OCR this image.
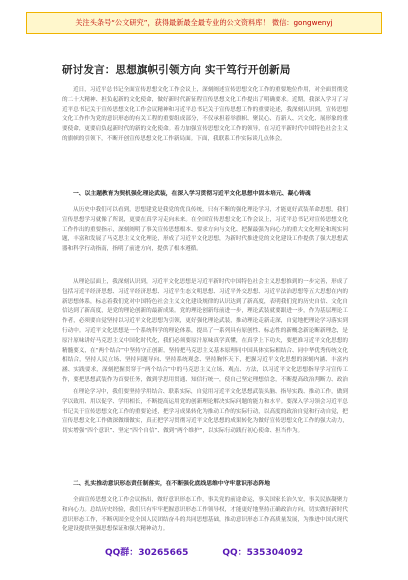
关注头条号“公文研究”，获得最新最全最专业的公文资料库！ 微信：gongwenyj
研讨发言：思想旗帜引领方向 实干笃行开创新局

近日，习近平总书记全面宣传思想文化工作会议上，深刻阐述宣传思想文化工作的重要地位作用，对全面贯彻党的二十大精神、担负起新的文化使命，做好新时代新征程宣传思想文化工作提出了明确要求。近期，我深入学习了习近平总书记关于宣传思想文化工作会议精神和习近平总书记关于宣传思想工作的重要论述，我深刻认识到，宣传思想文化工作作为党的意识形态的有关工程的重要组成部分，不仅承担着举旗帜、聚民心、育新人、兴文化、展形象的重要使命，更要肩负起新时代的新的文化使命。着力加强宣传思想文化工作的领导，在习近平新时代中国特色社会主义的旗帜的引领下，不断开创宣传思想文化工作新局面。下面，我联系工作实际谈几点体会。

一、以主题教育为契机强化理论武装，在深入学习贯彻习近平文化思想中固本培元、凝心铸魂

从历史中我们可以看到，思想建党是我党的优良传统，只有不断的强化理论学习，才能更好武装革命思想，我们宣传思想学习就像了所说，更要在真学习走向未来。在全国宣传思想文化工作会议上，习近平总书记对宣传思想文化工作作出的重要指示，深刻阐明了事关宣传思想根本、要求方向与文化、把握最强为向心力的重大文化理论和现实问题，丰富和发展了马克思主义文化理论，形成了习近平文化思想，为新时代推进党的文化建设工作提供了强大思想武器和科学行动指南，指明了前进方向，提供了根本遵循。

从理论层面上，我深刻认识到，习近平文化思想是习近平新时代中国特色社会主义思想推到的一步完善，形成了包括习近平经济思想、习近平经济思想、习近平生态文明思想、习近平外交思想、习近平法治思想等五大思想在内的新思想体系，标志着我们党对中国特色社会主义文化建设规律的认识达到了新高度，表明我们党的历史自信、文化自信达到了新高度，是党的理论创新的最新成果。党的理论创新每前进一步，理论武装就要跟进一步，作为基层理论工作者，必须要自觉坚持以习近平文化思想为引领，更好强化理论武装，推动理论走新走深，自觉地把理论学习落实到行动中。习近平文化思想是一个系统科学的理论体系，提出了一系列具有原创性、标志性的新概念新论断新理念，是原汁原味讲好马克思主义中国化时代化，我们必须要原汁原味真学真懂，在真学上下功夫，要把准习近平文化思想的精髓要义，在“两个结合”中坚持守正创新，坚持把马克思主义基本原理同中国具体实际相结合、同中华优秀传统文化相结合，坚持人民立场、坚持问题导向、坚持系统观念、坚持胸怀天下，把握习近平文化思想的深刻内涵、丰富内涵、实践要求，深刻把握贯穿于“两个结合”中的马克思主义立场、观点、方法，以习近平文化思想指导学习宣传工作，要把思想武装作为首要任务，做到学思用贯通、知信行统一，使自己坚定理想信念，不断提高政治判断力、政治

在理论学习中，我们要坚持学用结合、联系实际，自觉用习近平文化思想武装头脑、指导实践、推动工作，做到学以致用、用以促学、学用相长，不断提高运用党的创新理论解决实际问题的能力和水平。要深入学习领会习近平总书记关于宣传思想文化工作的重要论述，把学习成果转化为推动工作的实际行动，以高度的政治自觉和行动自觉，把宣传思想文化工作做深做细做实，真正把学习贯彻习近平文化思想的成果转化为做好宣传思想文化工作的强大动力，切实增强“四个意识”、坚定“四个自信”、做到“两个维护”，以实际行动践行初心使命、担当作为。

二、扎实推动意识形态责任制落实，在不断强化底线思维中守牢意识形态阵地

全面宣传思想文化工作会议指出，做好意识形态工作，事关党的前途命运，事关国家长治久安，事关民族凝聚力和向心力。总结历史经验，我们只有牢牢把握意识形态工作领导权，才能更好地坚持正确政治方向，切实做好新时代意识形态工作，不断巩固全党全国人民团结奋斗的共同思想基础，推动意识形态工作高质量发展，为推进中国式现代化建设提供坚强思想保证和强大精神动力。

QQ群：30265665	QQ：535304092
